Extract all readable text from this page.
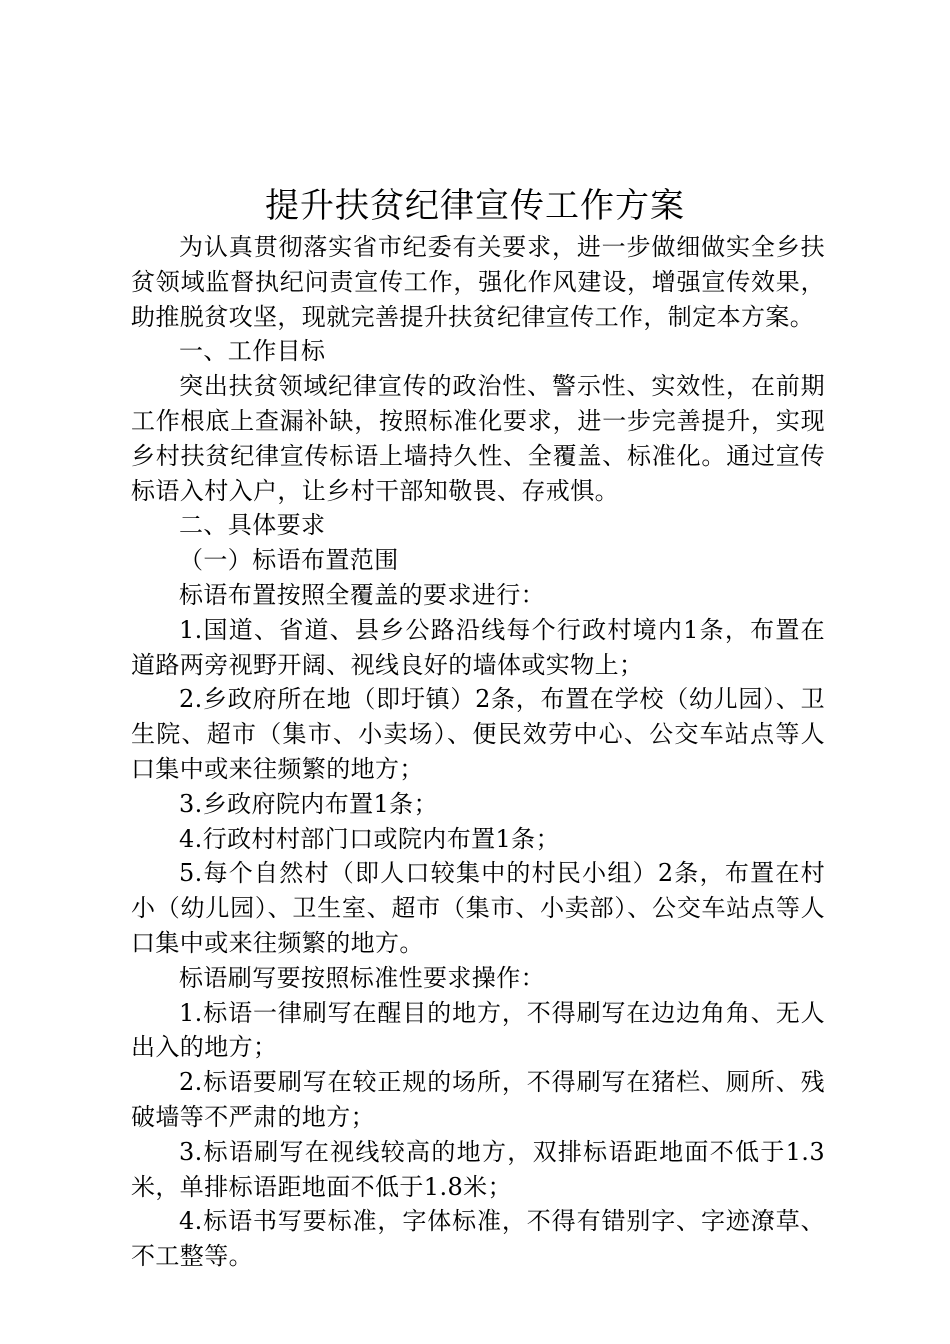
提升扶贫纪律宣传工作方案

为认真贯彻落实省市纪委有关要求，进一步做细做实全乡扶贫领域监督执纪问责宣传工作，强化作风建设，增强宣传效果，助推脱贫攻坚，现就完善提升扶贫纪律宣传工作，制定本方案。

一、工作目标

突出扶贫领域纪律宣传的政治性、警示性、实效性，在前期工作根底上查漏补缺，按照标准化要求，进一步完善提升，实现乡村扶贫纪律宣传标语上墙持久性、全覆盖、标准化。通过宣传标语入村入户，让乡村干部知敬畏、存戒惧。

二、具体要求

（一）标语布置范围

标语布置按照全覆盖的要求进行：

1.国道、省道、县乡公路沿线每个行政村境内1条，布置在道路两旁视野开阔、视线良好的墙体或实物上；

2.乡政府所在地（即圩镇）2条，布置在学校（幼儿园）、卫生院、超市（集市、小卖场）、便民效劳中心、公交车站点等人口集中或来往频繁的地方；

3.乡政府院内布置1条；

4.行政村村部门口或院内布置1条；

5.每个自然村（即人口较集中的村民小组）2条，布置在村小（幼儿园）、卫生室、超市（集市、小卖部）、公交车站点等人口集中或来往频繁的地方。

标语刷写要按照标准性要求操作：

1.标语一律刷写在醒目的地方，不得刷写在边边角角、无人出入的地方；

2.标语要刷写在较正规的场所，不得刷写在猪栏、厕所、残破墙等不严肃的地方；

3.标语刷写在视线较高的地方，双排标语距地面不低于1.3米，单排标语距地面不低于1.8米；

4.标语书写要标准，字体标准，不得有错别字、字迹潦草、不工整等。
